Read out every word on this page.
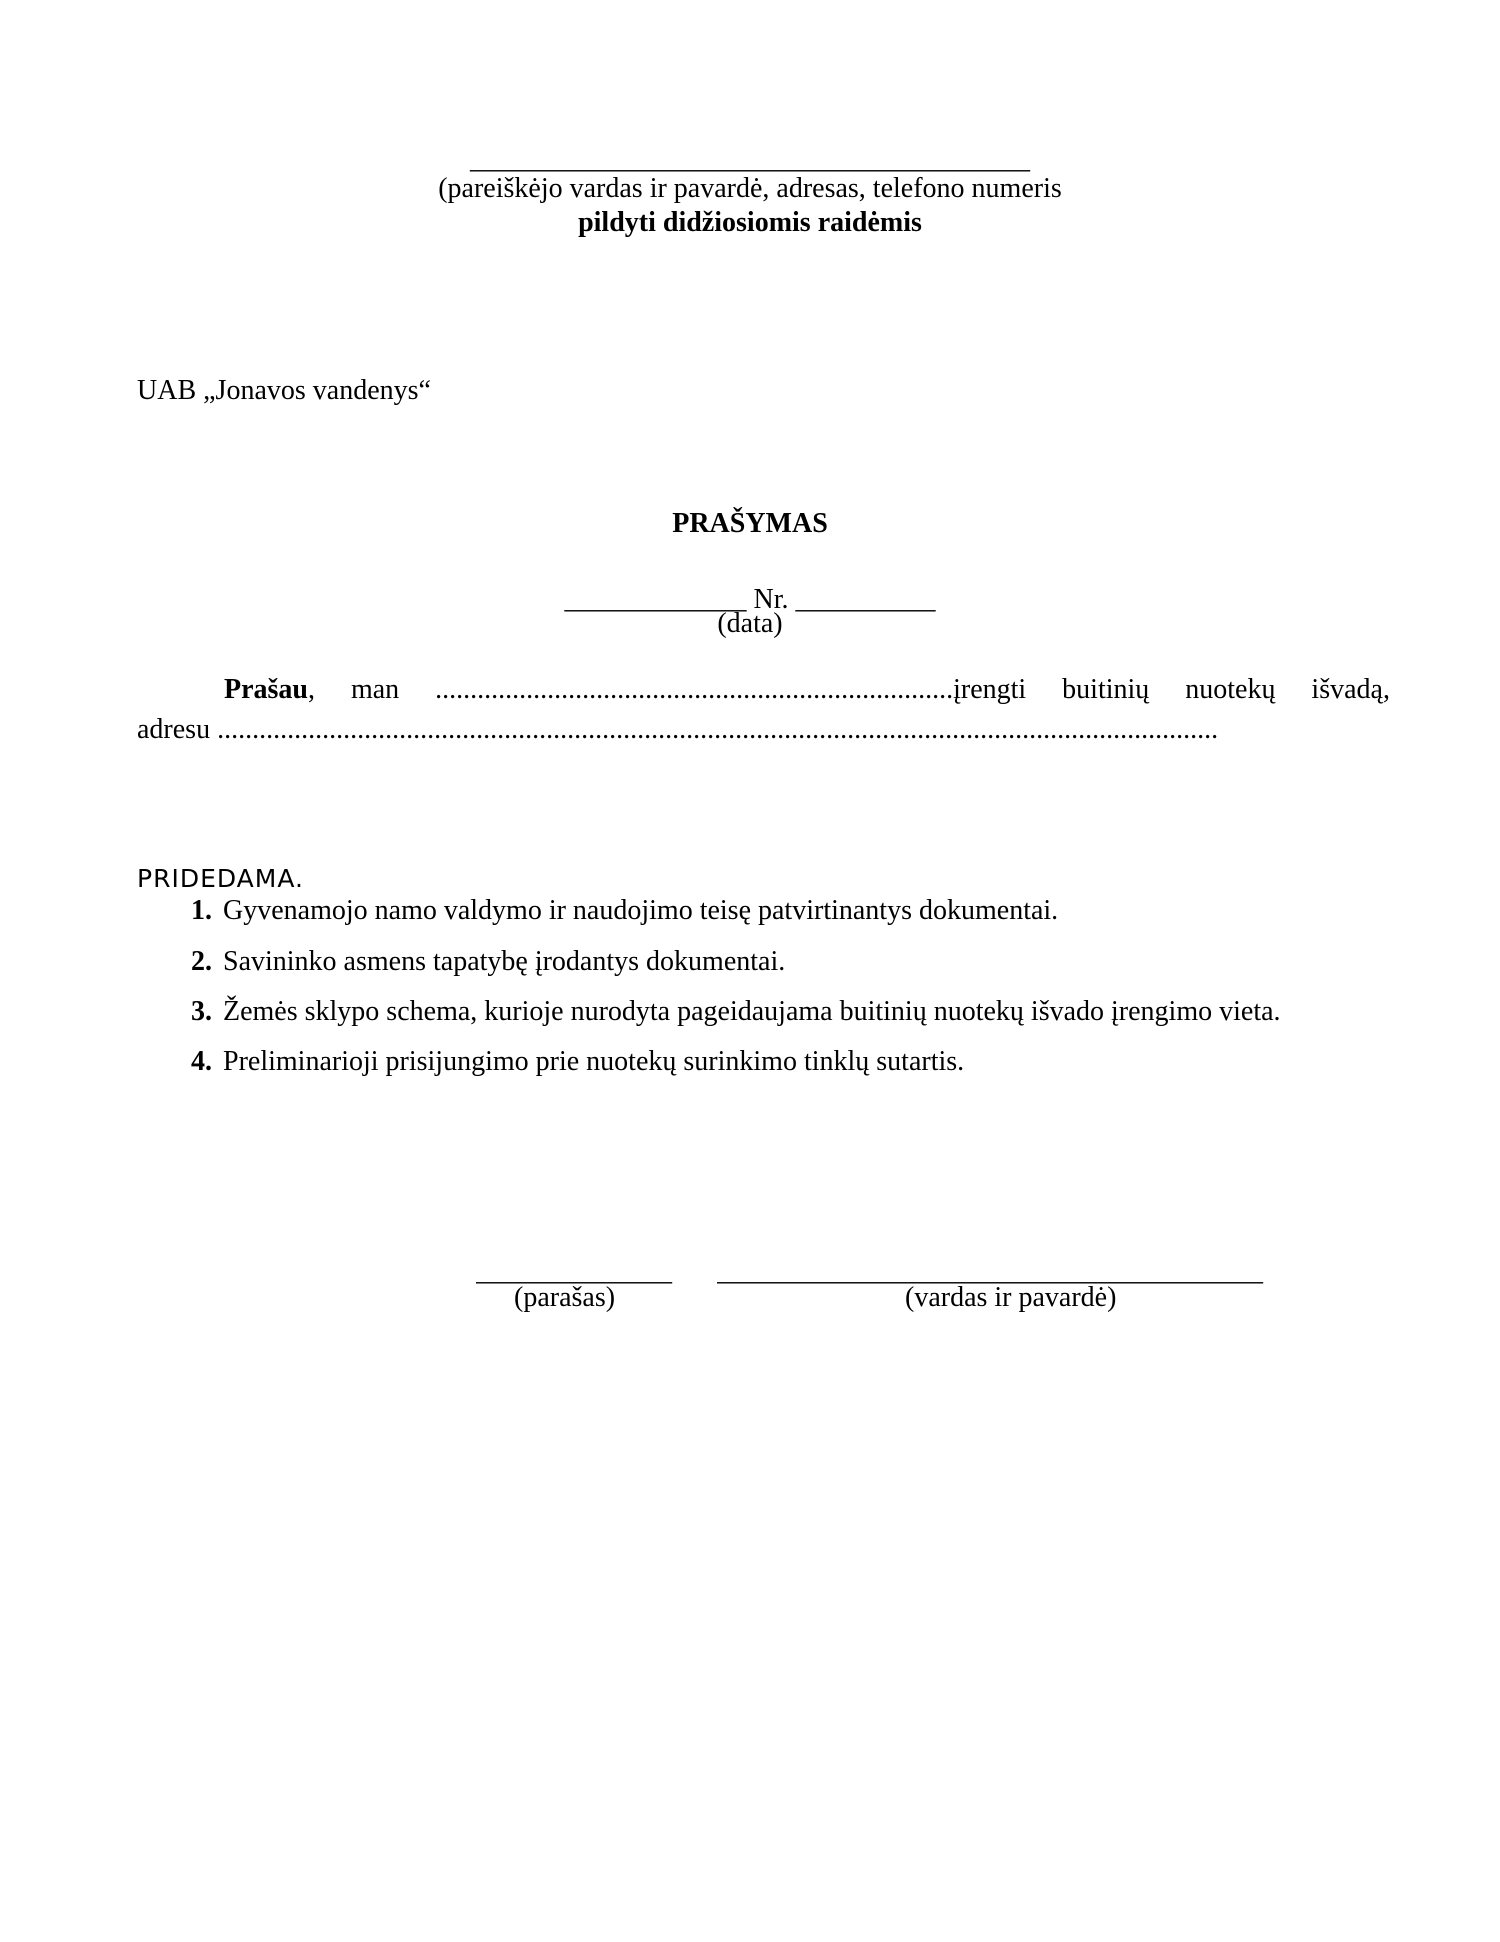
________________________________________
(pareiškėjo vardas ir pavardė, adresas, telefono numeris
pildyti didžiosiomis raidėmis
UAB „Jonavos vandenys“
PRAŠYMAS
_____________ Nr. __________
(data)
Prašau, man ..........................................................................įrengti buitinių nuotekų išvadą,
adresu ...............................................................................................................................................
PRIDEDAMA.
1. Gyvenamojo namo valdymo ir naudojimo teisę patvirtinantys dokumentai.
2. Savininko asmens tapatybę įrodantys dokumentai.
3. Žemės sklypo schema, kurioje nurodyta pageidaujama buitinių nuotekų išvado įrengimo vieta.
4. Preliminarioji prisijungimo prie nuotekų surinkimo tinklų sutartis.
______________
(parašas)
_______________________________________
(vardas ir pavardė)
